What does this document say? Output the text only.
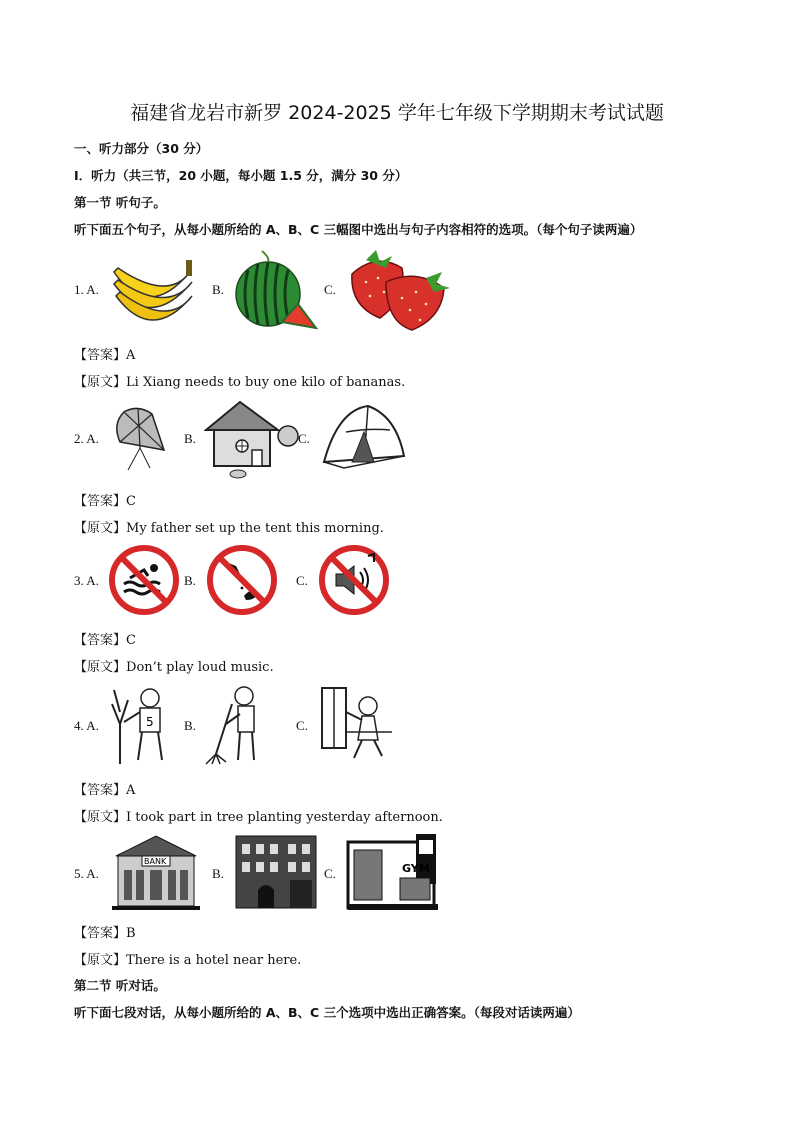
福建省龙岩市新罗 2024-2025 学年七年级下学期期末考试试题
一、听力部分（30 分）
Ⅰ．听力（共三节，20 小题，每小题 1.5 分，满分 30 分）
第一节 听句子。
听下面五个句子，从每小题所给的 A、B、C 三幅图中选出与句子内容相符的选项。（每个句子读两遍）
1. A.	B.	C.
【答案】A
【原文】Li Xiang needs to buy one kilo of bananas.
2. A.	B.	C.
【答案】C
【原文】My father set up the tent this morning.
3. A.	B.	C.
【答案】C
【原文】Don’t play loud music.
4. A.	5 B.	C.
【答案】A
【原文】I took part in tree planting yesterday afternoon.
5. A.
BANK
B.	C.	GYM
【答案】B
【原文】There is a hotel near here.
第二节 听对话。
听下面七段对话，从每小题所给的 A、B、C 三个选项中选出正确答案。（每段对话读两遍）
